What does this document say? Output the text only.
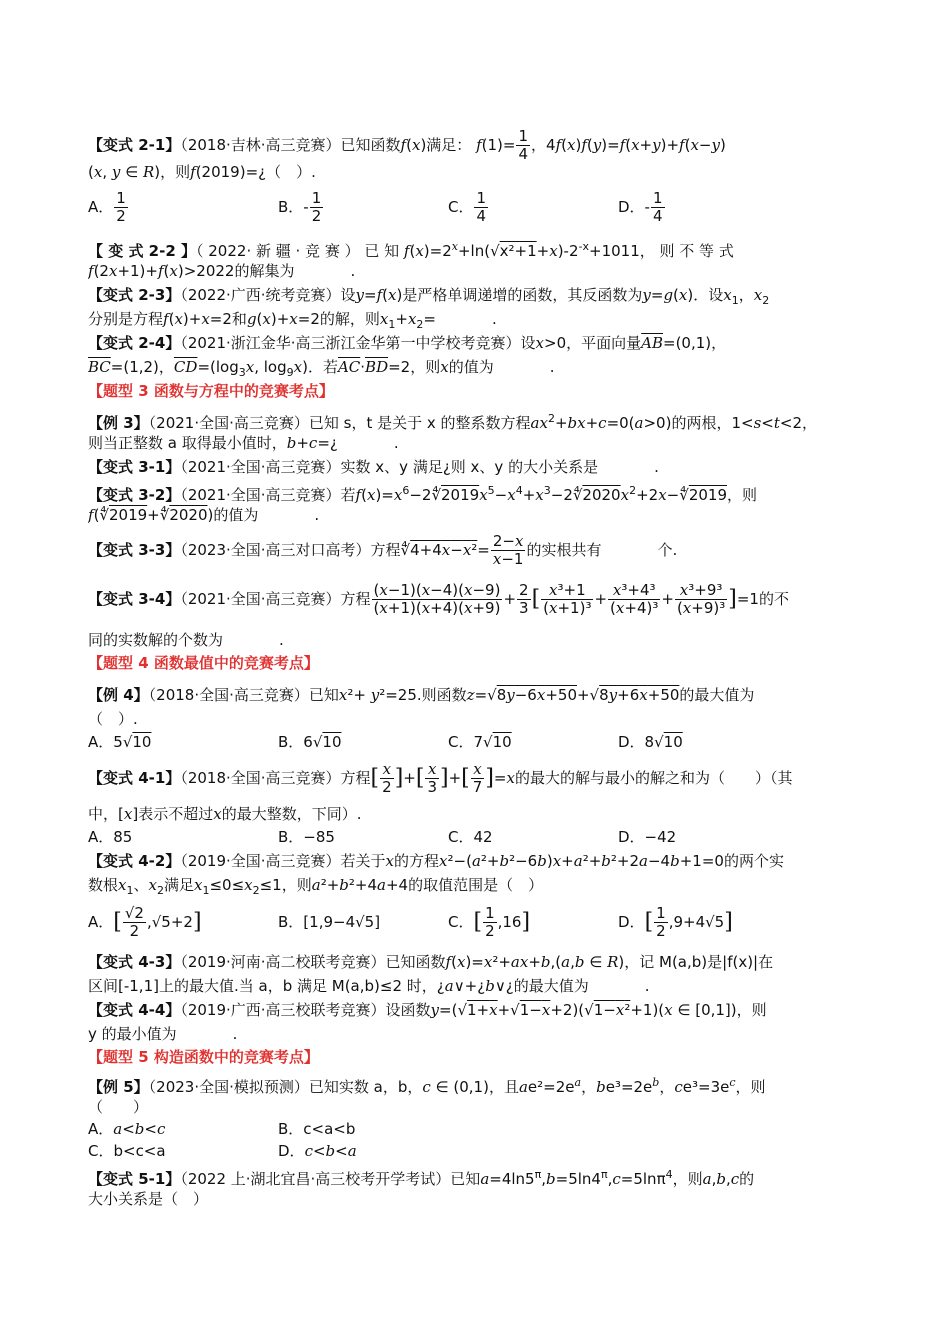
【变式 2-1】（2018·吉林·高三竞赛）已知函数f(x)满足： $f(1)= \frac{1}{4}$ ，4f(x)f(y)=f(x+y)+f(x−y)
(x, y ∈ R)，则f(2019)=¿（　）.
A． $\frac{1}{2}$	B．- $\frac{1}{2}$	C． $\frac{1}{4}$	D．- $\frac{1}{4}$
【 变 式 2-2 】（ 2022· 新 疆 · 竞 赛 ） 已 知 $f(x)=2^x+\ln(√x^2+1+x)-2^{-x}+1011$， 则 不 等 式
f(2x+1)+f(x)>2022的解集为	.
【变式 2-3】（2022·广西·统考竞赛）设y=f(x)是严格单调递增的函数，其反函数为y=g(x)．设$x_1$，$x_2$
分别是方程f(x)+x=2和g(x)+x=2的解，则$x_1+x_2=$	.
【变式 2-4】（2021·浙江金华·高三浙江金华第一中学校考竞赛）设x>0，平面向量$\overline{AB}=(0,1)$，
$\overline{BC}=(1,2)$，$\overline{CD}=(\log_3x$, $\log_9x$)．若$\overline{AC}\cdot\overline{BD}=2$，则x的值为	.
【题型 3 函数与方程中的竞赛考点】
【例 3】（2021·全国·高三竞赛）已知 s，t 是关于 x 的整系数方程$ax^2+bx+c=0(a>0)$的两根，1<s<t<2，
则当正整数 a 取得最小值时，b+c=¿	.
【变式 3-1】（2021·全国·高三竞赛）实数 x、y 满足¿则 x、y 的大小关系是	.
【变式 3-2】（2021·全国·高三竞赛）若$f(x)=x^6-2∜2019x^5-x^4+x^3-2∜2020x^2+2x-∜2019$，则
f(∜2019+∜2020)的值为	.
【变式 3-3】（2023·全国·高三对口高考）方程∜4+4x−x²= $\frac{2-x}{x-1}$ 的实根共有	个.
【变式 3-4】（2021·全国·高三竞赛）方程 $\frac{(x-1)(x-4)(x-9)}{(x+1)(x+4)(x+9)} + \frac{2}{3}$ [ $\frac{\text{x³+1}}{\text{(x+1)³}} + \frac{\text{x³+4³}}{\text{(x+4)³}} + \frac{\text{x³+9³}}{\text{(x+9)³}} ]=1$的不
同的实数解的个数为	.
【题型 4 函数最值中的竞赛考点】
【例 4】（2018·全国·高三竞赛）已知x²+ y²=25.则函数z=√8y−6x+50+√8y+6x+50的最大值为
（　）.
A．5√10	B．6√10	C．7√10	D．8√10
【变式 4-1】（2018·全国·高三竞赛）方程[ $\frac{x}{2}$ ]+[ $\frac{x}{3}$ ]+[ $\frac{x}{7} ]=x$的最大的解与最小的解之和为（　　）（其
中，[x]表示不超过x的最大整数，下同）.
A．85	B．−85	C．42	D．−42
【变式 4-2】（2019·全国·高三竞赛）若关于x的方程x²−(a²+b²−6b)x+a²+b²+2a−4b+1=0的两个实
数根$x_1$、$x_2$满足$x_1\le 0\le x_2\le 1$，则a²+b²+4a+4的取值范围是（　）
A．[ $\frac{√2}{2} ,√5+2$]	B．[1,9−4√5]	C．[ $\frac{1}{2} ,16$]	D．[ $\frac{1}{2} ,9+4√5$]
【变式 4-3】（2019·河南·高二校联考竞赛）已知函数f(x)=x²+ax+b,(a,b ∈ R)，记 M(a,b)是|f(x)|在
区间[-1,1]上的最大值.当 a，b 满足 M(a,b)≤2 时，¿a∨+¿b∨¿的最大值为	.
【变式 4-4】（2019·广西·高三校联考竞赛）设函数y=(√1+x+√1−x+2)(√1−x²+1)(x ∈ [0,1])，则
y 的最小值为	.
【题型 5 构造函数中的竞赛考点】
【例 5】（2023·全国·模拟预测）已知实数 a，b，c ∈ (0,1)，且$ae^2=2e^a$，$be^3=2e^b$，$ce^3=3e^c$，则
（　　）
A．a<b<c	B．c<a<b
C．b<c<a	D．c<b<a
【变式 5-1】（2022 上·湖北宜昌·高三校考开学考试）已知$a=4\ln 5^\pi,b=5\ln 4^\pi,c=5\ln\pi^4$，则a,b,c的
大小关系是（　）
